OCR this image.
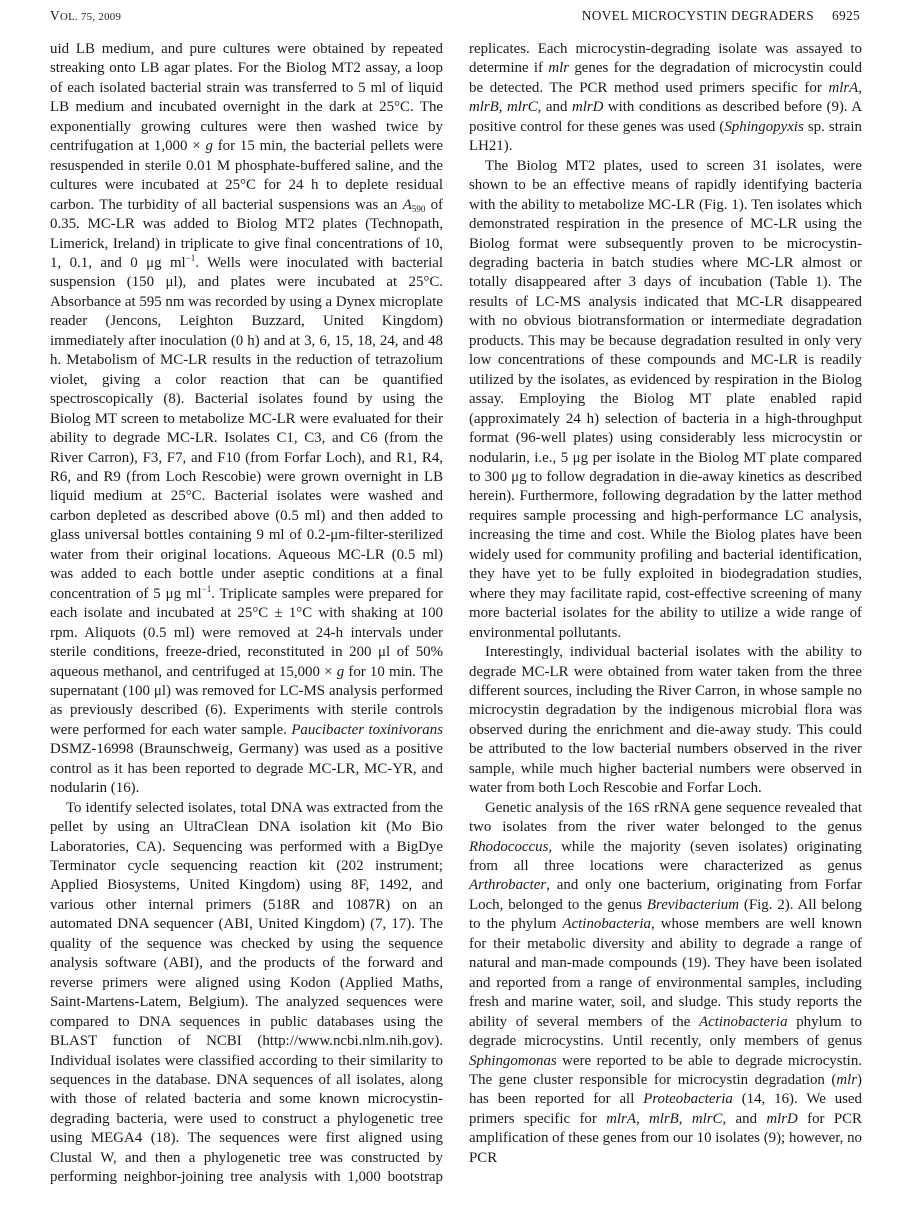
VOL. 75, 2009	NOVEL MICROCYSTIN DEGRADERS 6925

uid LB medium, and pure cultures were obtained by repeated streaking onto LB agar plates. For the Biolog MT2 assay, a loop of each isolated bacterial strain was transferred to 5 ml of liquid LB medium and incubated overnight in the dark at 25°C. The exponentially growing cultures were then washed twice by centrifugation at 1,000 × g for 15 min, the bacterial pellets were resuspended in sterile 0.01 M phosphate-buffered saline, and the cultures were incubated at 25°C for 24 h to deplete residual carbon. The turbidity of all bacterial suspensions was an $A_{590}$ of 0.35. MC-LR was added to Biolog MT2 plates (Technopath, Limerick, Ireland) in triplicate to give final concentrations of 10, 1, 0.1, and 0 μg $ml^{-1}$. Wells were inoculated with bacterial suspension (150 μl), and plates were incubated at 25°C. Absorbance at 595 nm was recorded by using a Dynex microplate reader (Jencons, Leighton Buzzard, United Kingdom) immediately after inoculation (0 h) and at 3, 6, 15, 18, 24, and 48 h. Metabolism of MC-LR results in the reduction of tetrazolium violet, giving a color reaction that can be quantified spectroscopically (8). Bacterial isolates found by using the Biolog MT screen to metabolize MC-LR were evaluated for their ability to degrade MC-LR. Isolates C1, C3, and C6 (from the River Carron), F3, F7, and F10 (from Forfar Loch), and R1, R4, R6, and R9 (from Loch Rescobie) were grown overnight in LB liquid medium at 25°C. Bacterial isolates were washed and carbon depleted as described above (0.5 ml) and then added to glass universal bottles containing 9 ml of 0.2-μm-filter-sterilized water from their original locations. Aqueous MC-LR (0.5 ml) was added to each bottle under aseptic conditions at a final concentration of 5 μg $ml^{-1}$. Triplicate samples were prepared for each isolate and incubated at 25°C ± 1°C with shaking at 100 rpm. Aliquots (0.5 ml) were removed at 24-h intervals under sterile conditions, freeze-dried, reconstituted in 200 μl of 50% aqueous methanol, and centrifuged at 15,000 × g for 10 min. The supernatant (100 μl) was removed for LC-MS analysis performed as previously described (6). Experiments with sterile controls were performed for each water sample. Paucibacter toxinivorans DSMZ-16998 (Braunschweig, Germany) was used as a positive control as it has been reported to degrade MC-LR, MC-YR, and nodularin (16).

To identify selected isolates, total DNA was extracted from the pellet by using an UltraClean DNA isolation kit (Mo Bio Laboratories, CA). Sequencing was performed with a BigDye Terminator cycle sequencing reaction kit (202 instrument; Applied Biosystems, United Kingdom) using 8F, 1492, and various other internal primers (518R and 1087R) on an automated DNA sequencer (ABI, United Kingdom) (7, 17). The quality of the sequence was checked by using the sequence analysis software (ABI), and the products of the forward and reverse primers were aligned using Kodon (Applied Maths, Saint-Martens-Latem, Belgium). The analyzed sequences were compared to DNA sequences in public databases using the BLAST function of NCBI (http://www.ncbi.nlm.nih.gov). Individual isolates were classified according to their similarity to sequences in the database. DNA sequences of all isolates, along with those of related bacteria and some known microcystin-degrading bacteria, were used to construct a phylogenetic tree using MEGA4 (18). The sequences were first aligned using Clustal W, and then a phylogenetic tree was constructed by performing neighbor-joining tree analysis with 1,000 bootstrap

replicates. Each microcystin-degrading isolate was assayed to determine if mlr genes for the degradation of microcystin could be detected. The PCR method used primers specific for mlrA, mlrB, mlrC, and mlrD with conditions as described before (9). A positive control for these genes was used (Sphingopyxis sp. strain LH21).

The Biolog MT2 plates, used to screen 31 isolates, were shown to be an effective means of rapidly identifying bacteria with the ability to metabolize MC-LR (Fig. 1). Ten isolates which demonstrated respiration in the presence of MC-LR using the Biolog format were subsequently proven to be microcystin-degrading bacteria in batch studies where MC-LR almost or totally disappeared after 3 days of incubation (Table 1). The results of LC-MS analysis indicated that MC-LR disappeared with no obvious biotransformation or intermediate degradation products. This may be because degradation resulted in only very low concentrations of these compounds and MC-LR is readily utilized by the isolates, as evidenced by respiration in the Biolog assay. Employing the Biolog MT plate enabled rapid (approximately 24 h) selection of bacteria in a high-throughput format (96-well plates) using considerably less microcystin or nodularin, i.e., 5 μg per isolate in the Biolog MT plate compared to 300 μg to follow degradation in die-away kinetics as described herein). Furthermore, following degradation by the latter method requires sample processing and high-performance LC analysis, increasing the time and cost. While the Biolog plates have been widely used for community profiling and bacterial identification, they have yet to be fully exploited in biodegradation studies, where they may facilitate rapid, cost-effective screening of many more bacterial isolates for the ability to utilize a wide range of environmental pollutants.

Interestingly, individual bacterial isolates with the ability to degrade MC-LR were obtained from water taken from the three different sources, including the River Carron, in whose sample no microcystin degradation by the indigenous microbial flora was observed during the enrichment and die-away study. This could be attributed to the low bacterial numbers observed in the river sample, while much higher bacterial numbers were observed in water from both Loch Rescobie and Forfar Loch.

Genetic analysis of the 16S rRNA gene sequence revealed that two isolates from the river water belonged to the genus Rhodococcus, while the majority (seven isolates) originating from all three locations were characterized as genus Arthrobacter, and only one bacterium, originating from Forfar Loch, belonged to the genus Brevibacterium (Fig. 2). All belong to the phylum Actinobacteria, whose members are well known for their metabolic diversity and ability to degrade a range of natural and man-made compounds (19). They have been isolated and reported from a range of environmental samples, including fresh and marine water, soil, and sludge. This study reports the ability of several members of the Actinobacteria phylum to degrade microcystins. Until recently, only members of genus Sphingomonas were reported to be able to degrade microcystin. The gene cluster responsible for microcystin degradation (mlr) has been reported for all Proteobacteria (14, 16). We used primers specific for mlrA, mlrB, mlrC, and mlrD for PCR amplification of these genes from our 10 isolates (9); however, no PCR
